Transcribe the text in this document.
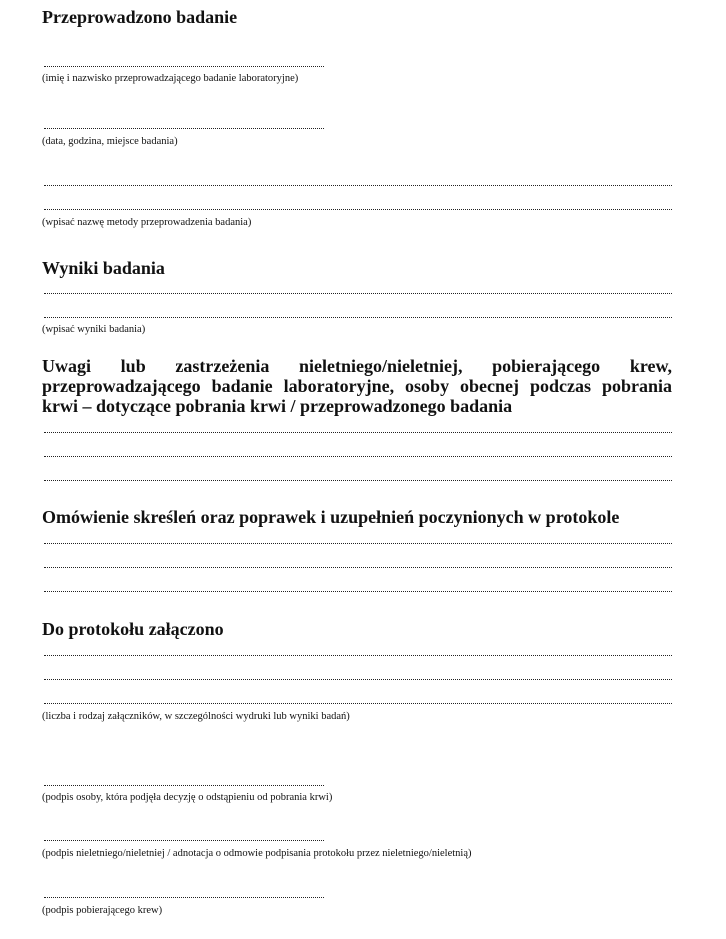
Przeprowadzono badanie

(imię i nazwisko przeprowadzającego badanie laboratoryjne)

(data, godzina, miejsce badania)

(wpisać nazwę metody przeprowadzenia badania)

Wyniki badania

(wpisać wyniki badania)

Uwagi lub zastrzeżenia nieletniego/nieletniej, pobierającego krew, przeprowadzającego badanie laboratoryjne, osoby obecnej podczas pobrania krwi – dotyczące pobrania krwi / przeprowadzonego badania
Omówienie skreśleń oraz poprawek i uzupełnień poczynionych w protokole
Do protokołu załączono

(liczba i rodzaj załączników, w szczególności wydruki lub wyniki badań)

(podpis osoby, która podjęła decyzję o odstąpieniu od pobrania krwi)

(podpis nieletniego/nieletniej / adnotacja o odmowie podpisania protokołu przez nieletniego/nieletnią)

(podpis pobierającego krew)
